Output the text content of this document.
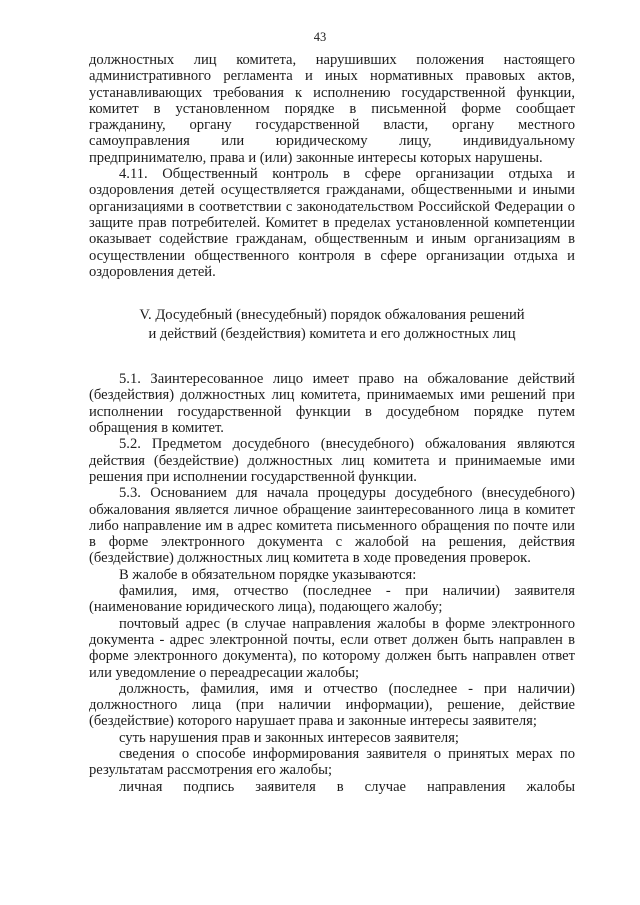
43

должностных лиц комитета, нарушивших положения настоящего административного регламента и иных нормативных правовых актов, устанавливающих требования к исполнению государственной функции, комитет в установленном порядке в письменной форме сообщает гражданину, органу государственной власти, органу местного самоуправления или юридическому лицу, индивидуальному предпринимателю, права и (или) законные интересы которых нарушены.

4.11. Общественный контроль в сфере организации отдыха и оздоровления детей осуществляется гражданами, общественными и иными организациями в соответствии с законодательством Российской Федерации о защите прав потребителей. Комитет в пределах установленной компетенции оказывает содействие гражданам, общественным и иным организациям в осуществлении общественного контроля в сфере организации отдыха и оздоровления детей.

V. Досудебный (внесудебный) порядок обжалования решений
и действий (бездействия) комитета и его должностных лиц

5.1. Заинтересованное лицо имеет право на обжалование действий (бездействия) должностных лиц комитета, принимаемых ими решений при исполнении государственной функции в досудебном порядке путем обращения в комитет.

5.2. Предметом досудебного (внесудебного) обжалования являются действия (бездействие) должностных лиц комитета и принимаемые ими решения при исполнении государственной функции.

5.3. Основанием для начала процедуры досудебного (внесудебного) обжалования является личное обращение заинтересованного лица в комитет либо направление им в адрес комитета письменного обращения по почте или в форме электронного документа с жалобой на решения, действия (бездействие) должностных лиц комитета в ходе проведения проверок.

В жалобе в обязательном порядке указываются:

фамилия, имя, отчество (последнее - при наличии) заявителя (наименование юридического лица), подающего жалобу;

почтовый адрес (в случае направления жалобы в форме электронного документа - адрес электронной почты, если ответ должен быть направлен в форме электронного документа), по которому должен быть направлен ответ или уведомление о переадресации жалобы;

должность, фамилия, имя и отчество (последнее - при наличии) должностного лица (при наличии информации), решение, действие (бездействие) которого нарушает права и законные интересы заявителя;

суть нарушения прав и законных интересов заявителя;

сведения о способе информирования заявителя о принятых мерах по результатам рассмотрения его жалобы;

личная подпись заявителя в случае направления жалобы
